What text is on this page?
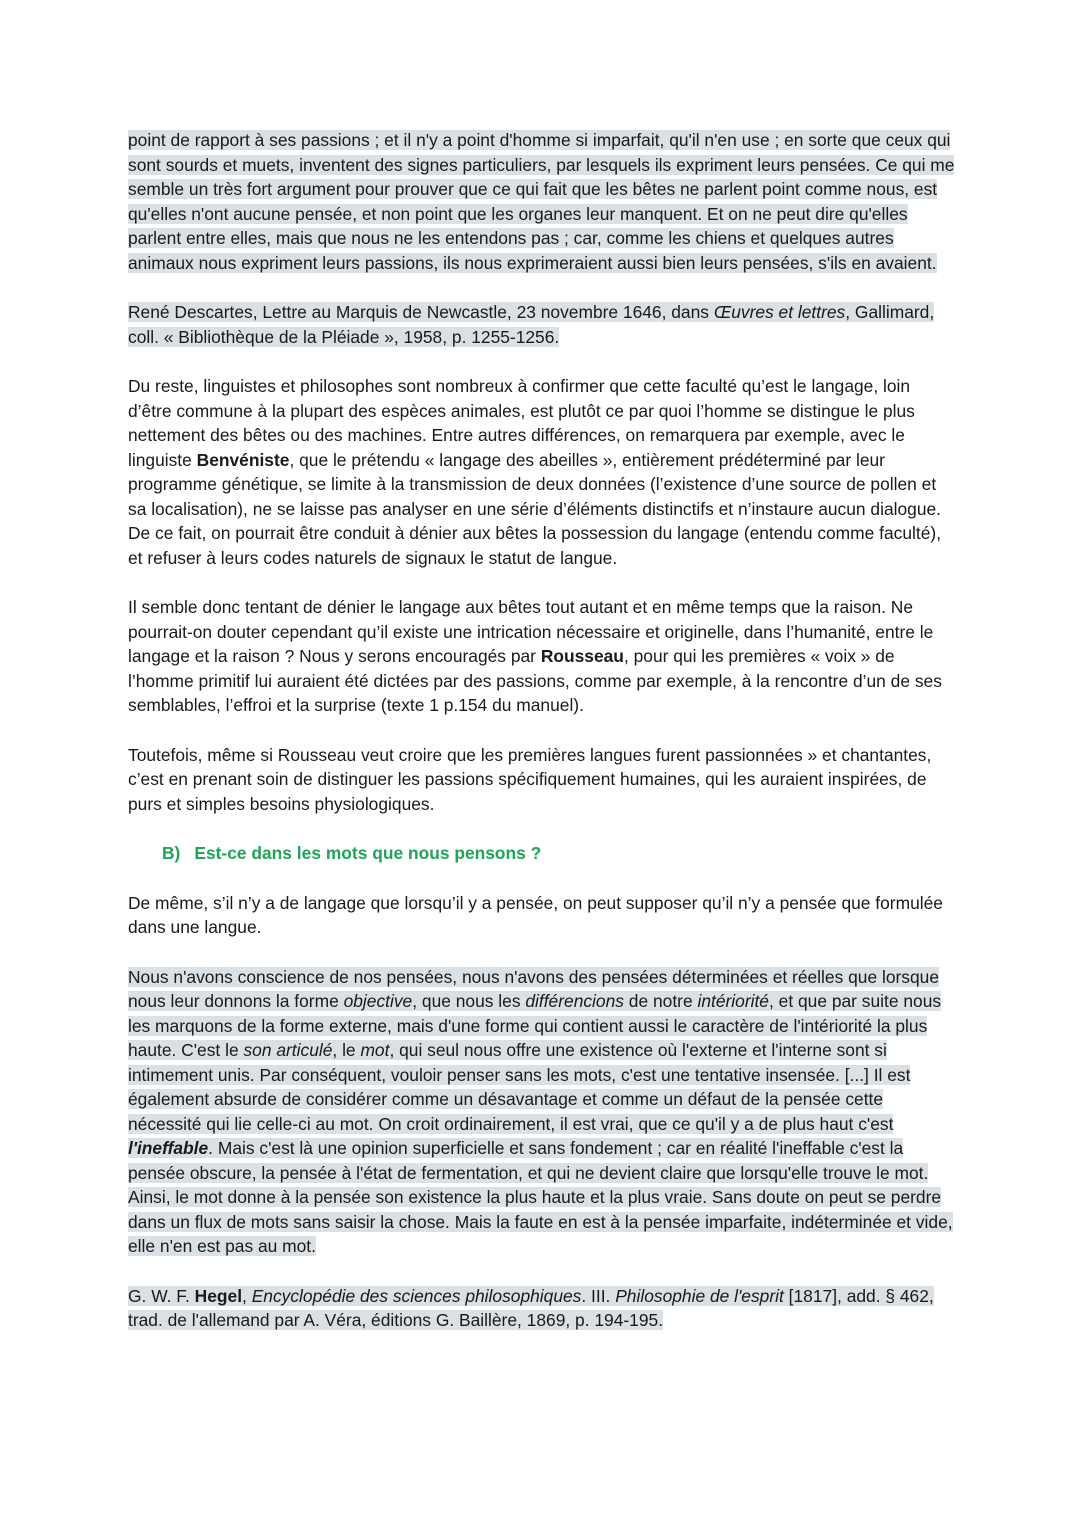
point de rapport à ses passions ; et il n'y a point d'homme si imparfait, qu'il n'en use ; en sorte que ceux qui sont sourds et muets, inventent des signes particuliers, par lesquels ils expriment leurs pensées. Ce qui me semble un très fort argument pour prouver que ce qui fait que les bêtes ne parlent point comme nous, est qu'elles n'ont aucune pensée, et non point que les organes leur manquent. Et on ne peut dire qu'elles parlent entre elles, mais que nous ne les entendons pas ; car, comme les chiens et quelques autres animaux nous expriment leurs passions, ils nous exprimeraient aussi bien leurs pensées, s'ils en avaient.

René Descartes, Lettre au Marquis de Newcastle, 23 novembre 1646, dans Œuvres et lettres, Gallimard, coll. « Bibliothèque de la Pléiade », 1958, p. 1255-1256.

Du reste, linguistes et philosophes sont nombreux à confirmer que cette faculté qu’est le langage, loin d’être commune à la plupart des espèces animales, est plutôt ce par quoi l’homme se distingue le plus nettement des bêtes ou des machines. Entre autres différences, on remarquera par exemple, avec le linguiste Benvéniste, que le prétendu « langage des abeilles », entièrement prédéterminé par leur programme génétique, se limite à la transmission de deux données (l’existence d’une source de pollen et sa localisation), ne se laisse pas analyser en une série d’éléments distinctifs et n’instaure aucun dialogue. De ce fait, on pourrait être conduit à dénier aux bêtes la possession du langage (entendu comme faculté), et refuser à leurs codes naturels de signaux le statut de langue.

Il semble donc tentant de dénier le langage aux bêtes tout autant et en même temps que la raison. Ne pourrait-on douter cependant qu’il existe une intrication nécessaire et originelle, dans l’humanité, entre le langage et la raison ? Nous y serons encouragés par Rousseau, pour qui les premières « voix » de l’homme primitif lui auraient été dictées par des passions, comme par exemple, à la rencontre d’un de ses semblables, l’effroi et la surprise (texte 1 p.154 du manuel).

Toutefois, même si Rousseau veut croire que les premières langues furent passionnées » et chantantes, c’est en prenant soin de distinguer les passions spécifiquement humaines, qui les auraient inspirées, de purs et simples besoins physiologiques.

B) Est-ce dans les mots que nous pensons ?

De même, s’il n’y a de langage que lorsqu’il y a pensée, on peut supposer qu’il n’y a pensée que formulée dans une langue.

Nous n'avons conscience de nos pensées, nous n'avons des pensées déterminées et réelles que lorsque nous leur donnons la forme objective, que nous les différencions de notre intériorité, et que par suite nous les marquons de la forme externe, mais d'une forme qui contient aussi le caractère de l'intériorité la plus haute. C'est le son articulé, le mot, qui seul nous offre une existence où l'externe et l'interne sont si intimement unis. Par conséquent, vouloir penser sans les mots, c'est une tentative insensée. [...] Il est également absurde de considérer comme un désavantage et comme un défaut de la pensée cette nécessité qui lie celle-ci au mot. On croit ordinairement, il est vrai, que ce qu'il y a de plus haut c'est l'ineffable. Mais c'est là une opinion superficielle et sans fondement ; car en réalité l'ineffable c'est la pensée obscure, la pensée à l'état de fermentation, et qui ne devient claire que lorsqu'elle trouve le mot. Ainsi, le mot donne à la pensée son existence la plus haute et la plus vraie. Sans doute on peut se perdre dans un flux de mots sans saisir la chose. Mais la faute en est à la pensée imparfaite, indéterminée et vide, elle n'en est pas au mot.

G. W. F. Hegel, Encyclopédie des sciences philosophiques. III. Philosophie de l'esprit [1817], add. § 462, trad. de l'allemand par A. Véra, éditions G. Baillère, 1869, p. 194-195.
